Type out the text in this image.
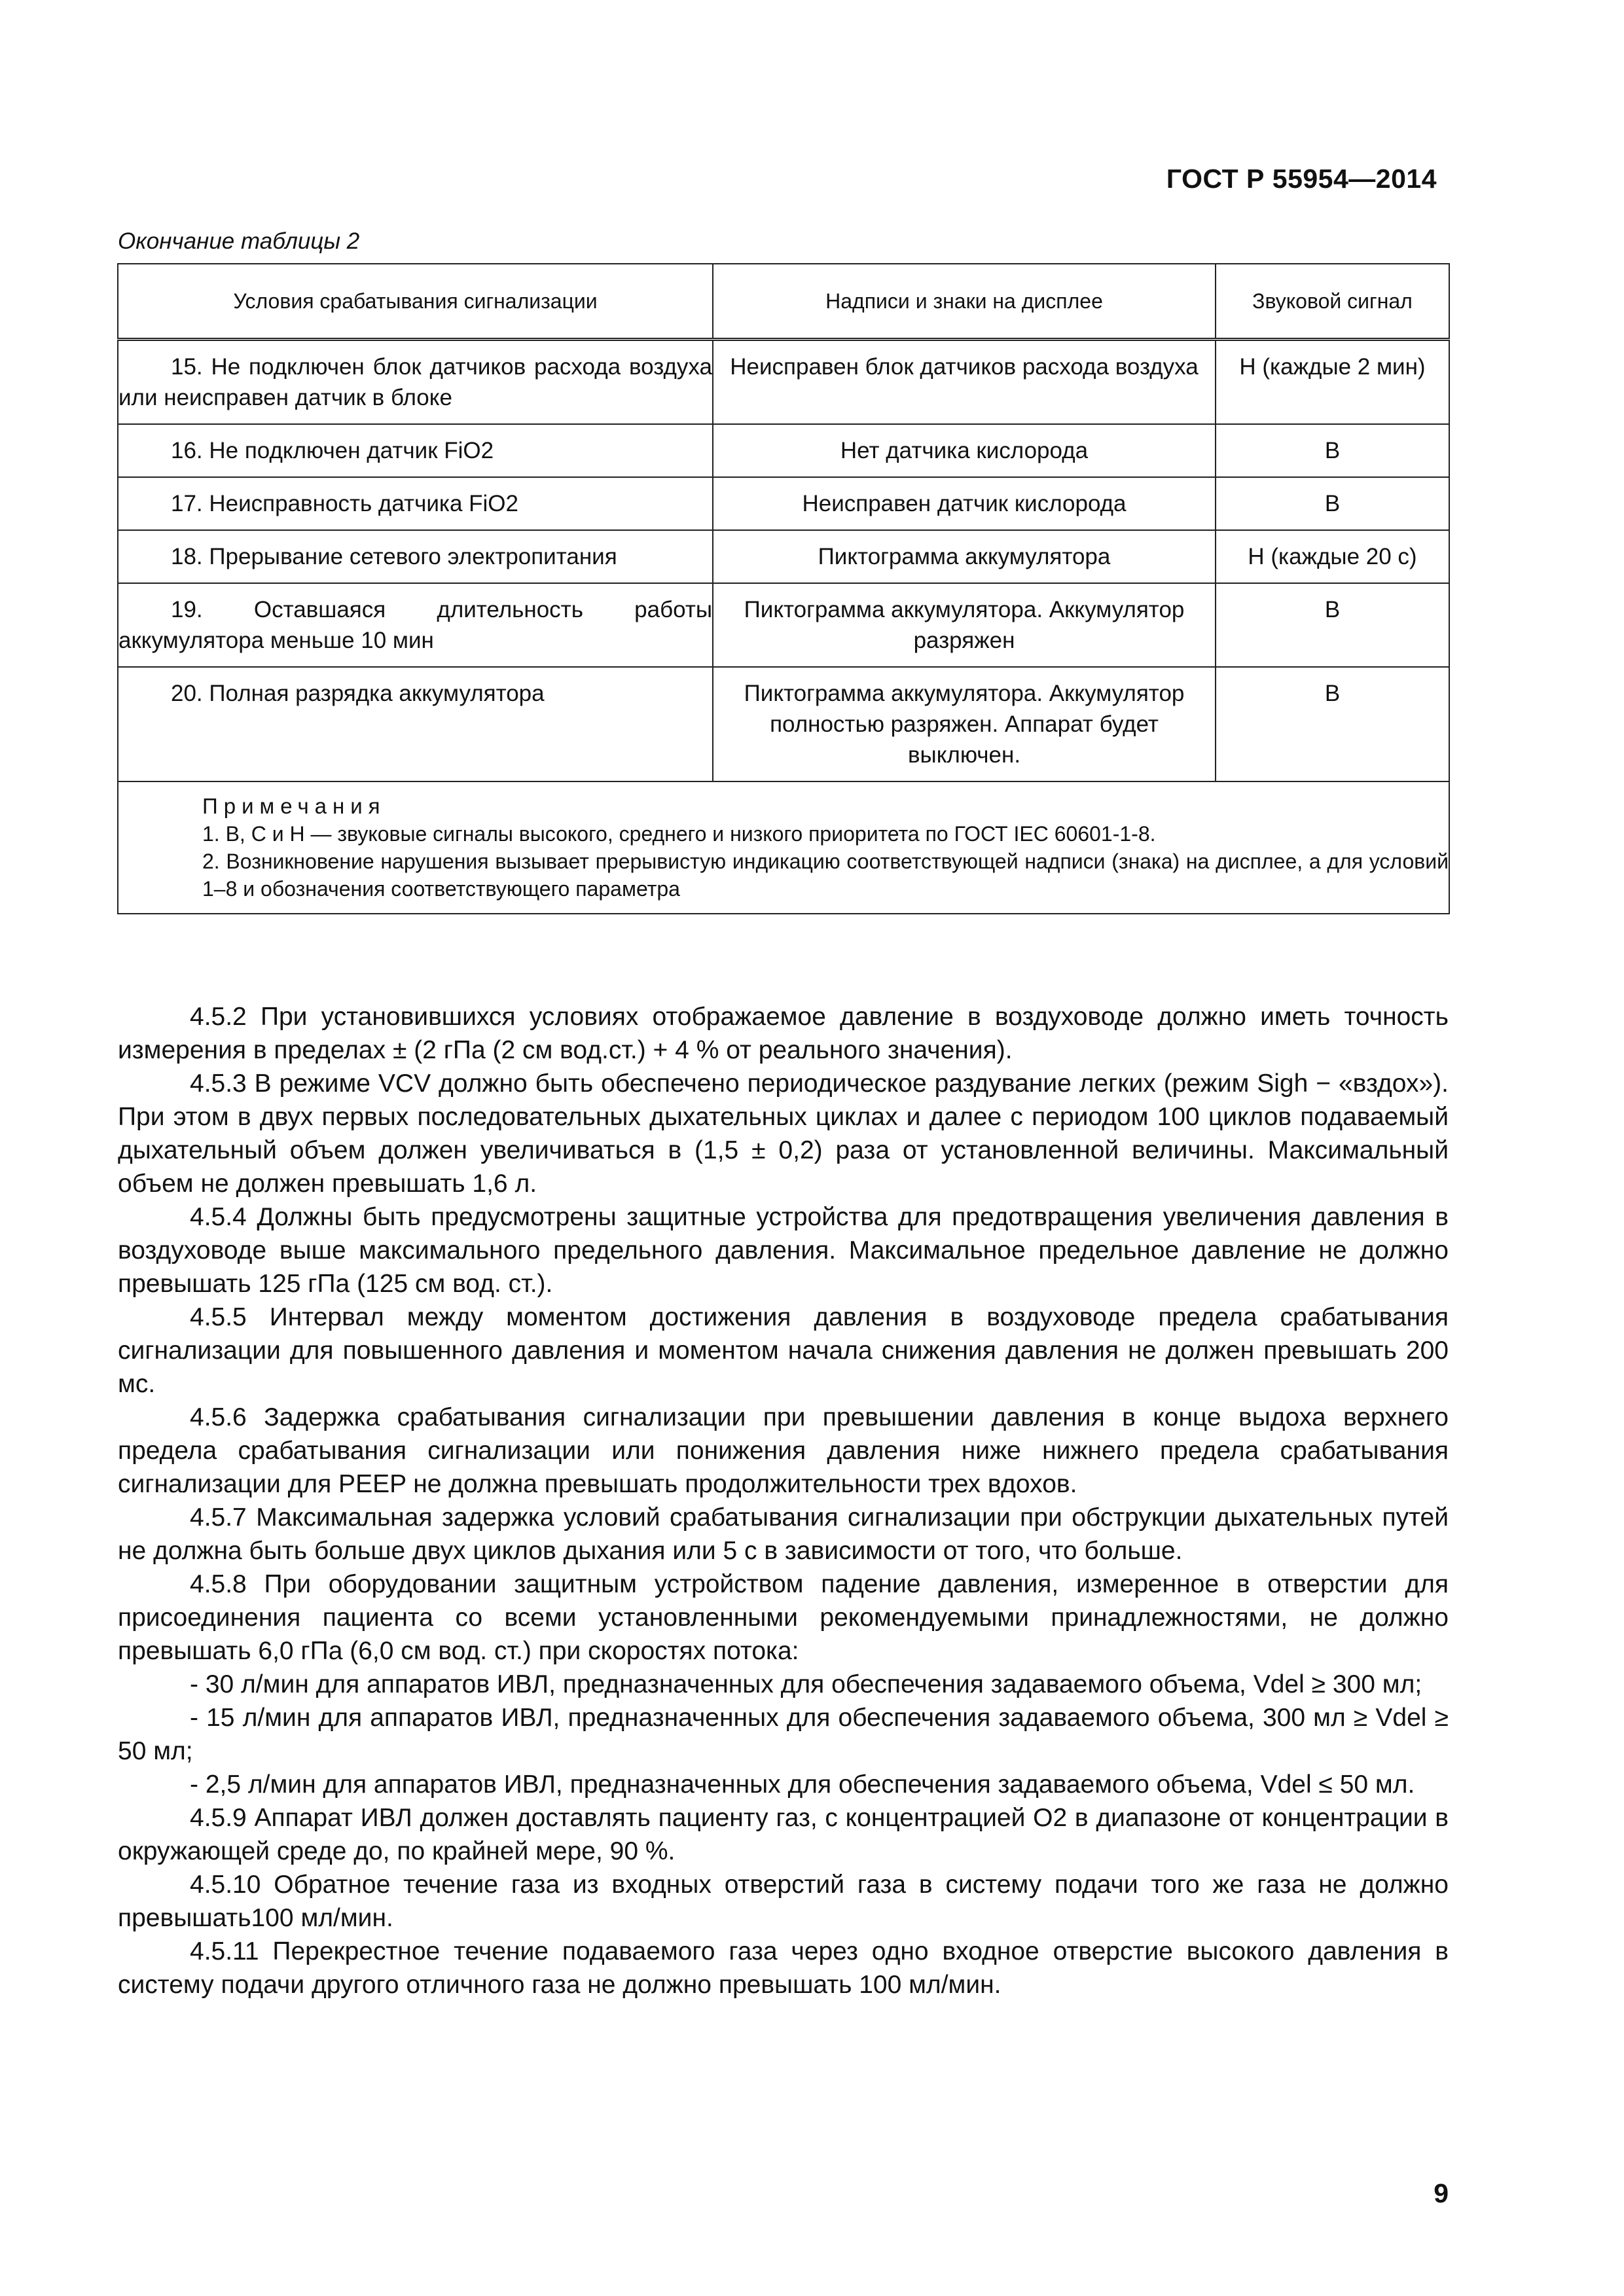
ГОСТ Р 55954—2014
Окончание таблицы 2
Условия срабатывания сигнализации	Надписи и знаки на дисплее	Звуковой сигнал
15. Не подключен блок датчиков расхода воздуха или неисправен датчик в блоке	Неисправен блок датчиков расхода воздуха	Н (каждые 2 мин)
16. Не подключен датчик FiO2	Нет датчика кислорода	В
17. Неисправность датчика FiO2	Неисправен датчик кислорода	В
18. Прерывание сетевого электропитания	Пиктограмма аккумулятора	Н (каждые 20 с)
19. Оставшаяся длительность работы аккумулятора меньше 10 мин	Пиктограмма аккумулятора. Аккумулятор разряжен	В
20. Полная разрядка аккумулятора	Пиктограмма аккумулятора. Аккумулятор полностью разряжен. Аппарат будет выключен.	В

Примечания
1. В, С и Н — звуковые сигналы высокого, среднего и низкого приоритета по ГОСТ IEC 60601-1-8.
2. Возникновение нарушения вызывает прерывистую индикацию соответствующей надписи (знака) на дисплее, а для условий 1–8 и обозначения соответствующего параметра		

4.5.2 При установившихся условиях отображаемое давление в воздуховоде должно иметь точность измерения в пределах ± (2 гПа (2 см вод.ст.) + 4 % от реального значения).

4.5.3 В режиме VCV должно быть обеспечено периодическое раздувание легких (режим Sigh − «вздох»). При этом в двух первых последовательных дыхательных циклах и далее с периодом 100 циклов подаваемый дыхательный объем должен увеличиваться в (1,5 ± 0,2) раза от установленной величины. Максимальный объем не должен превышать 1,6 л.

4.5.4 Должны быть предусмотрены защитные устройства для предотвращения увеличения давления в воздуховоде выше максимального предельного давления. Максимальное предельное давление не должно превышать 125 гПа (125 см вод. ст.).

4.5.5 Интервал между моментом достижения давления в воздуховоде предела срабатывания сигнализации для повышенного давления и моментом начала снижения давления не должен превышать 200 мс.

4.5.6 Задержка срабатывания сигнализации при превышении давления в конце выдоха верхнего предела срабатывания сигнализации или понижения давления ниже нижнего предела срабатывания сигнализации для PEEP не должна превышать продолжительности трех вдохов.

4.5.7 Максимальная задержка условий срабатывания сигнализации при обструкции дыхательных путей не должна быть больше двух циклов дыхания или 5 с в зависимости от того, что больше.

4.5.8 При оборудовании защитным устройством падение давления, измеренное в отверстии для присоединения пациента со всеми установленными рекомендуемыми принадлежностями, не должно превышать 6,0 гПа (6,0 см вод. ст.) при скоростях потока:

- 30 л/мин для аппаратов ИВЛ, предназначенных для обеспечения задаваемого объема, Vdel ≥ 300 мл;

- 15 л/мин для аппаратов ИВЛ, предназначенных для обеспечения задаваемого объема, 300 мл ≥ Vdel ≥ 50 мл;

- 2,5 л/мин для аппаратов ИВЛ, предназначенных для обеспечения задаваемого объема, Vdel ≤ 50 мл.

4.5.9 Аппарат ИВЛ должен доставлять пациенту газ, с концентрацией О2 в диапазоне от концентрации в окружающей среде до, по крайней мере, 90 %.

4.5.10 Обратное течение газа из входных отверстий газа в систему подачи того же газа не должно превышать100 мл/мин.

4.5.11 Перекрестное течение подаваемого газа через одно входное отверстие высокого давления в систему подачи другого отличного газа не должно превышать 100 мл/мин.

9
